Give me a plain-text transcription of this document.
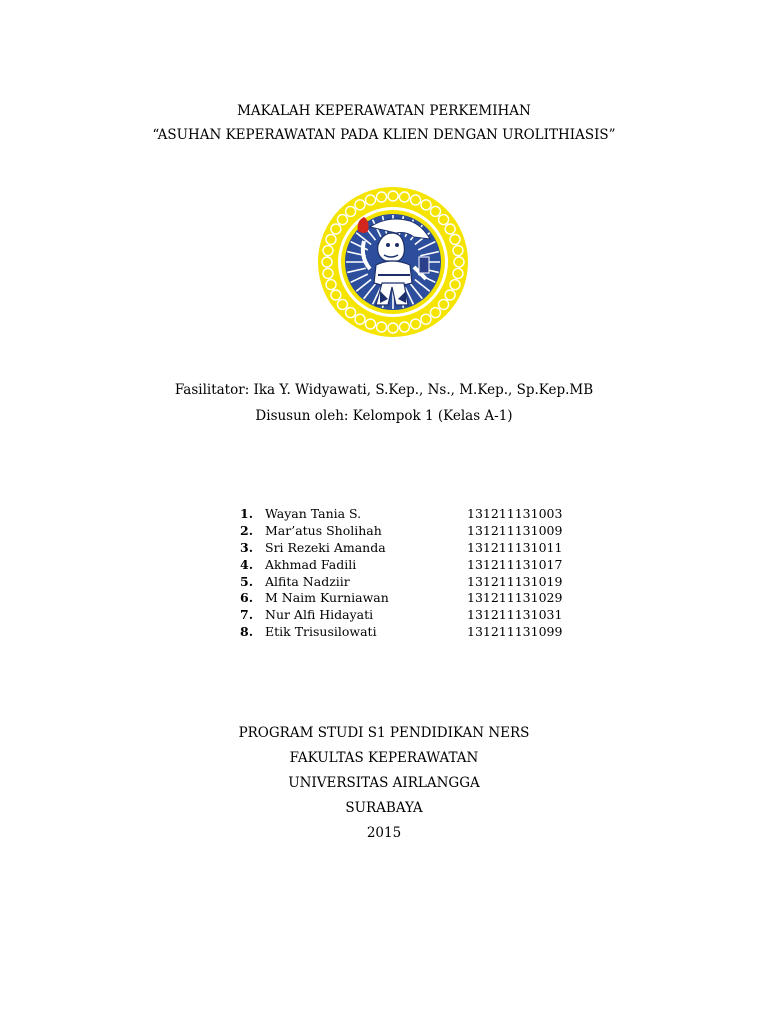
MAKALAH KEPERAWATAN PERKEMIHAN
“ASUHAN KEPERAWATAN PADA KLIEN DENGAN UROLITHIASIS”
Fasilitator: Ika Y. Widyawati, S.Kep., Ns., M.Kep., Sp.Kep.MB
Disusun oleh: Kelompok 1 (Kelas A-1)
1. Wayan Tania S.	131211131003
2. Mar’atus Sholihah	131211131009
3. Sri Rezeki Amanda	131211131011
4. Akhmad Fadili	131211131017
5. Alfita Nadziir	131211131019
6. M Naim Kurniawan	131211131029
7. Nur Alfi Hidayati	131211131031
8. Etik Trisusilowati	131211131099
PROGRAM STUDI S1 PENDIDIKAN NERS
FAKULTAS KEPERAWATAN
UNIVERSITAS AIRLANGGA
SURABAYA
2015
